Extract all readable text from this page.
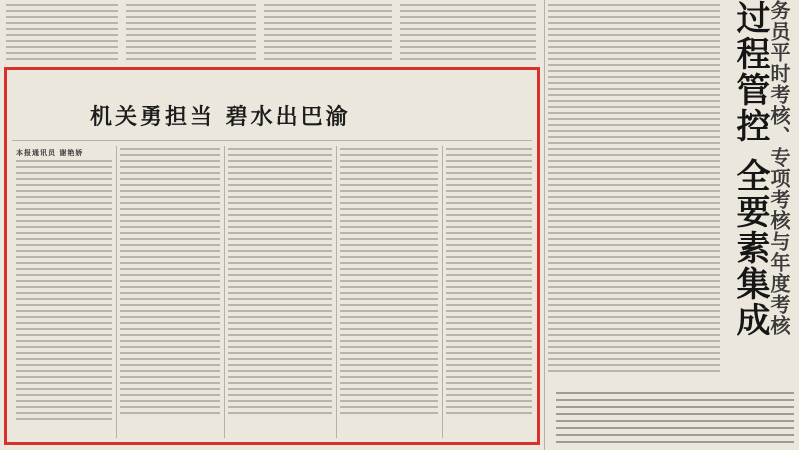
过程管控 全要素集成
务员平时考核、专项考核与年度考核
机关勇担当 碧水出巴渝
本报通讯员 谢艳娇
